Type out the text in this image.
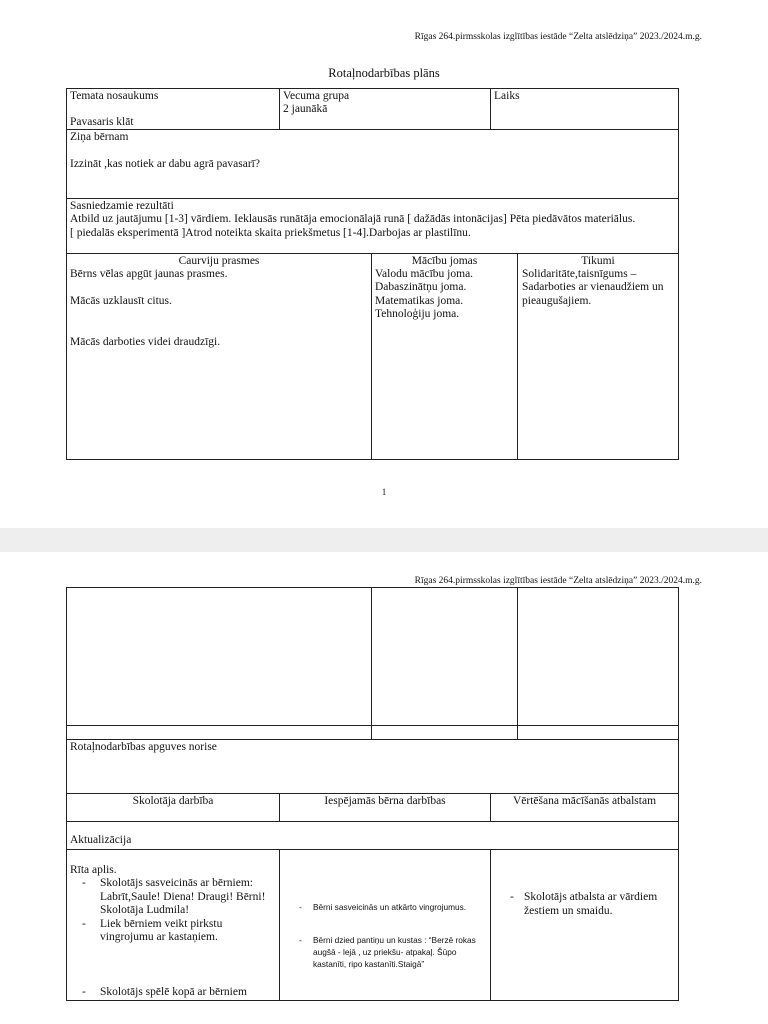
Rīgas 264.pirmsskolas izglītības iestāde “Zelta atslēdziņa” 2023./2024.m.g.
Rotaļnodarbības plāns
Temata nosaukums
Pavasaris klāt
Vecuma grupa
2 jaunākā
Laiks
Ziņa bērnam
Izzināt ,kas notiek ar dabu agrā pavasarī?
Sasniedzamie rezultāti
Atbild uz jautājumu [1-3] vārdiem. Ieklausās runātāja emocionālajā runā [ dažādās intonācijas] Pēta piedāvātos materiālus.
[ piedalās eksperimentā ]Atrod noteikta skaita priekšmetus [1-4].Darbojas ar plastilīnu.
Caurviju prasmes
Bērns vēlas apgūt jaunas prasmes.
Mācās uzklausīt citus.
Mācās darboties videi draudzīgi.
Mācību jomas
Valodu mācību joma.
Dabaszinātņu joma.
Matematikas joma.
Tehnoloģiju joma.
Tikumi
Solidaritāte,taisnīgums –
Sadarboties ar vienaudžiem un
pieaugušajiem.
1
Rīgas 264.pirmsskolas izglītības iestāde “Zelta atslēdziņa” 2023./2024.m.g.
Rotaļnodarbības apguves norise
Skolotāja darbība	Iespējamās bērna darbības	Vērtēšana mācīšanās atbalstam
Aktualizācija
Rīta aplis.
- Skolotājs sasveicinās ar bērniem: Labrīt,Saule! Diena! Draugi! Bērni! Skolotāja Ludmila!
- Liek bērniem veikt pirkstu vingrojumu ar kastaņiem.
- Skolotājs spēlē kopā ar bērniem
- Bērni sasveicinās un atkārto vingrojumus.
- Bērni dzied pantiņu un kustas : “Berzē rokas augšā - lejā , uz priekšu- atpakaļ. Šūpo kastanīti, ripo kastanīti.Staigā”
- Skolotājs atbalsta ar vārdiem žestiem un smaidu.
